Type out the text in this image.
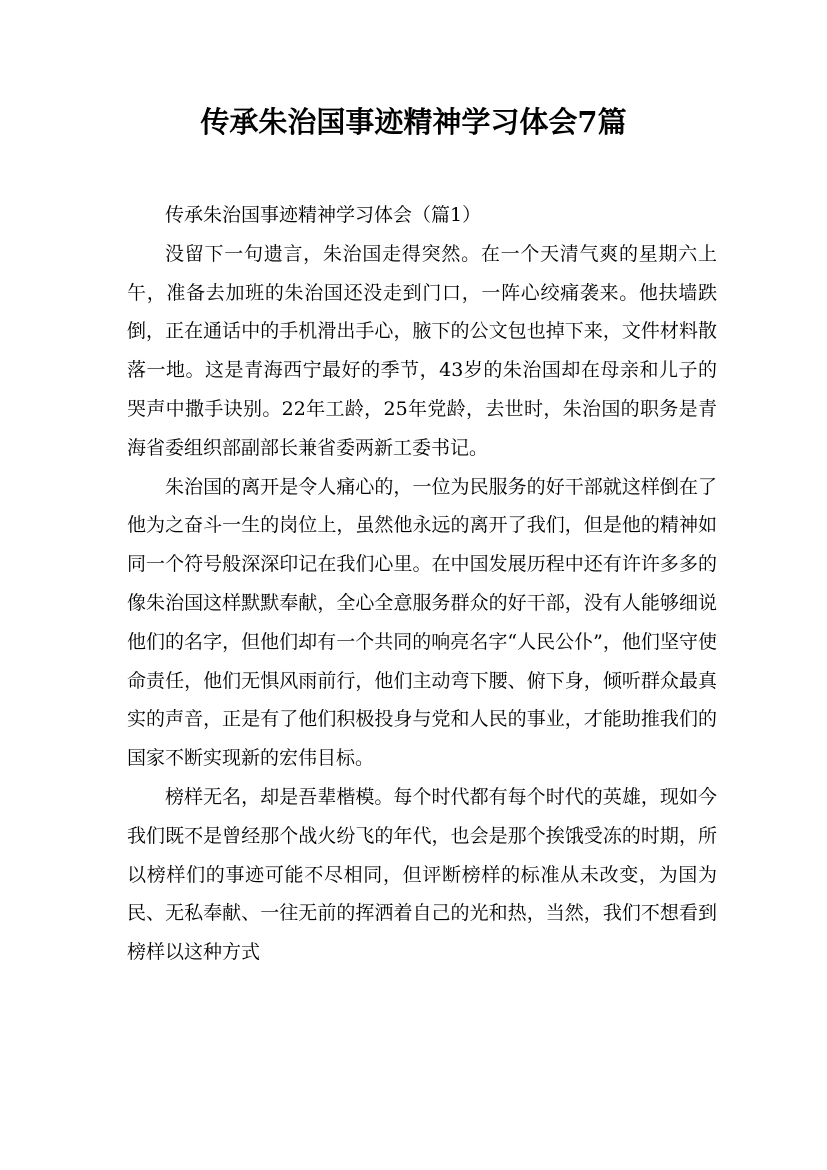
传承朱治国事迹精神学习体会7篇

传承朱治国事迹精神学习体会（篇1）

没留下一句遗言，朱治国走得突然。在一个天清气爽的星期六上午，准备去加班的朱治国还没走到门口，一阵心绞痛袭来。他扶墙跌倒，正在通话中的手机滑出手心，腋下的公文包也掉下来，文件材料散落一地。这是青海西宁最好的季节，43岁的朱治国却在母亲和儿子的哭声中撒手诀别。22年工龄，25年党龄，去世时，朱治国的职务是青海省委组织部副部长兼省委两新工委书记。

朱治国的离开是令人痛心的，一位为民服务的好干部就这样倒在了他为之奋斗一生的岗位上，虽然他永远的离开了我们，但是他的精神如同一个符号般深深印记在我们心里。在中国发展历程中还有许许多多的像朱治国这样默默奉献，全心全意服务群众的好干部，没有人能够细说他们的名字，但他们却有一个共同的响亮名字“人民公仆”，他们坚守使命责任，他们无惧风雨前行，他们主动弯下腰、俯下身，倾听群众最真实的声音，正是有了他们积极投身与党和人民的事业，才能助推我们的国家不断实现新的宏伟目标。

榜样无名，却是吾辈楷模。每个时代都有每个时代的英雄，现如今我们既不是曾经那个战火纷飞的年代，也会是那个挨饿受冻的时期，所以榜样们的事迹可能不尽相同，但评断榜样的标准从未改变，为国为民、无私奉献、一往无前的挥洒着自己的光和热，当然，我们不想看到榜样以这种方式
